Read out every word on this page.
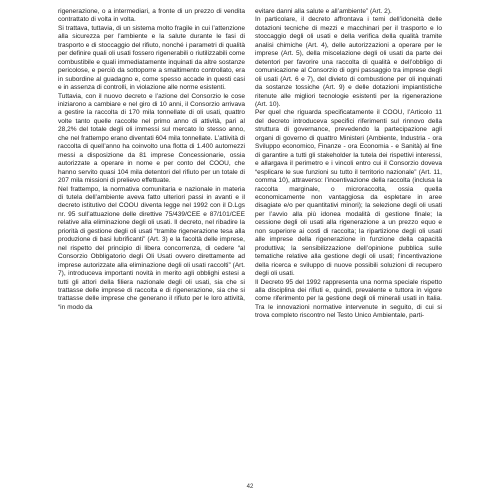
rigenerazione, o a intermediari, a fronte di un prezzo di vendita contrattato di volta in volta.

Si trattava, tuttavia, di un sistema molto fragile in cui l’attenzione alla sicurezza per l’ambiente e la salute durante le fasi di trasporto e di stoccaggio del rifiuto, nonché i parametri di qualità per definire quali oli usati fossero rigenerabili o riutilizzabili come combustibile e quali immediatamente inquinati da altre sostanze pericolose, e perciò da sottoporre a smaltimento controllato, era in subordine al guadagno e, come spesso accade in questi casi e in assenza di controlli, in violazione alle norme esistenti.

Tuttavia, con il nuovo decreto e l’azione del Consorzio le cose iniziarono a cambiare e nel giro di 10 anni, il Consorzio arrivava a gestire la raccolta di 170 mila tonnellate di oli usati, quattro volte tanto quelle raccolte nel primo anno di attività, pari al 28,2% del totale degli oli immessi sul mercato lo stesso anno, che nel frattempo erano diventati 604 mila tonnellate. L’attività di raccolta di quell’anno ha coinvolto una flotta di 1.400 automezzi messi a disposizione da 81 imprese Concessionarie, ossia autorizzate a operare in nome e per conto del COOU, che hanno servito quasi 104 mila detentori del rifiuto per un totale di 207 mila missioni di prelievo effettuate.

Nel frattempo, la normativa comunitaria e nazionale in materia di tutela dell’ambiente aveva fatto ulteriori passi in avanti e il decreto istitutivo del COOU diventa legge nel 1992 con il D.Lgs nr. 95 sull’attuazione delle direttive 75/439/CEE e 87/101/CEE relative alla eliminazione degli oli usati. Il decreto, nel ribadire la priorità di gestione degli oli usati “tramite rigenerazione tesa alla produzione di basi lubrificanti” (Art. 3) e la facoltà delle imprese, nel rispetto del principio di libera concorrenza, di cedere “al Consorzio Obbligatorio degli Oli Usati ovvero direttamente ad imprese autorizzate alla eliminazione degli oli usati raccolti” (Art. 7), introduceva importanti novità in merito agli obblighi estesi a tutti gli attori della filiera nazionale degli oli usati, sia che si trattasse delle imprese di raccolta e di rigenerazione, sia che si trattasse delle imprese che generano il rifiuto per le loro attività, “in modo da

evitare danni alla salute e all’ambiente” (Art. 2).

In particolare, il decreto affrontava i temi dell’idoneità delle dotazioni tecniche di mezzi e macchinari per il trasporto e lo stoccaggio degli oli usati e della verifica della qualità tramite analisi chimiche (Art. 4), delle autorizzazioni a operare per le imprese (Art. 5), della miscelazione degli oli usati da parte dei detentori per favorire una raccolta di qualità e dell’obbligo di comunicazione al Consorzio di ogni passaggio tra imprese degli oli usati (Art. 6 e 7), del divieto di combustione per oli inquinati da sostanze tossiche (Art. 9) e delle dotazioni impiantistiche ritenute alle migliori tecnologie esistenti per la rigenerazione (Art. 10).

Per quel che riguarda specificatamente il COOU, l’Articolo 11 del decreto introduceva specifici riferimenti sul rinnovo della struttura di governance, prevedendo la partecipazione agli organi di governo di quattro Ministeri (Ambiente, Industria - ora Sviluppo economico, Finanze - ora Economia - e Sanità) al fine di garantire a tutti gli stakeholder la tutela dei rispettivi interessi, e allargava il perimetro e i vincoli entro cui il Consorzio doveva “esplicare le sue funzioni su tutto il territorio nazionale” (Art. 11, comma 10), attraverso: l’incentivazione della raccolta (inclusa la raccolta marginale, o microraccolta, ossia quella economicamente non vantaggiosa da espletare in aree disagiate e/o per quantitativi minori); la selezione degli oli usati per l’avvio alla più idonea modalità di gestione finale; la cessione degli oli usati alla rigenerazione a un prezzo equo e non superiore ai costi di raccolta; la ripartizione degli oli usati alle imprese della rigenerazione in funzione della capacità produttiva; la sensibilizzazione dell’opinione pubblica sulle tematiche relative alla gestione degli oli usati; l’incentivazione della ricerca e sviluppo di nuove possibili soluzioni di recupero degli oli usati.

Il Decreto 95 del 1992 rappresenta una norma speciale rispetto alla disciplina dei rifiuti e, quindi, prevalente e tuttora in vigore come riferimento per la gestione degli oli minerali usati in Italia. Tra le innovazioni normative intervenute in seguito, di cui si trova completo riscontro nel Testo Unico Ambientale, parti-

42
